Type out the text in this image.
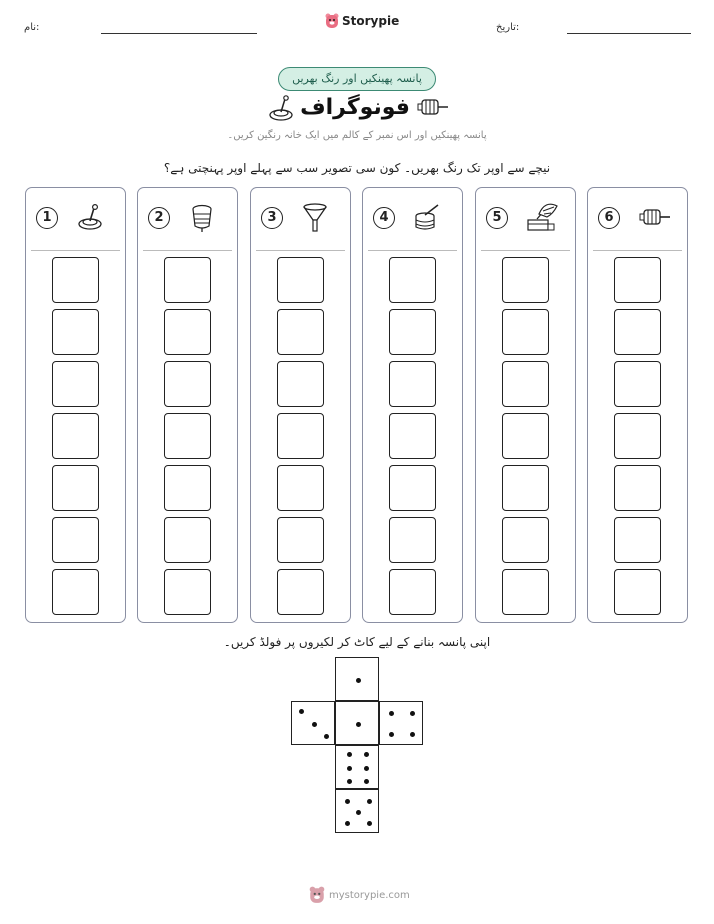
نام:	Storypie	تاریخ:
پانسہ پھینکیں اور رنگ بھریں
فونوگراف
پانسہ پھینکیں اور اس نمبر کے کالم میں ایک خانہ رنگین کریں۔
نیچے سے اوپر تک رنگ بھریں۔ کون سی تصویر سب سے پہلے اوپر پہنچتی ہے؟
1	2	3	4	5	6
اپنی پانسہ بنانے کے لیے کاٹ کر لکیروں پر فولڈ کریں۔
mystorypie.com
